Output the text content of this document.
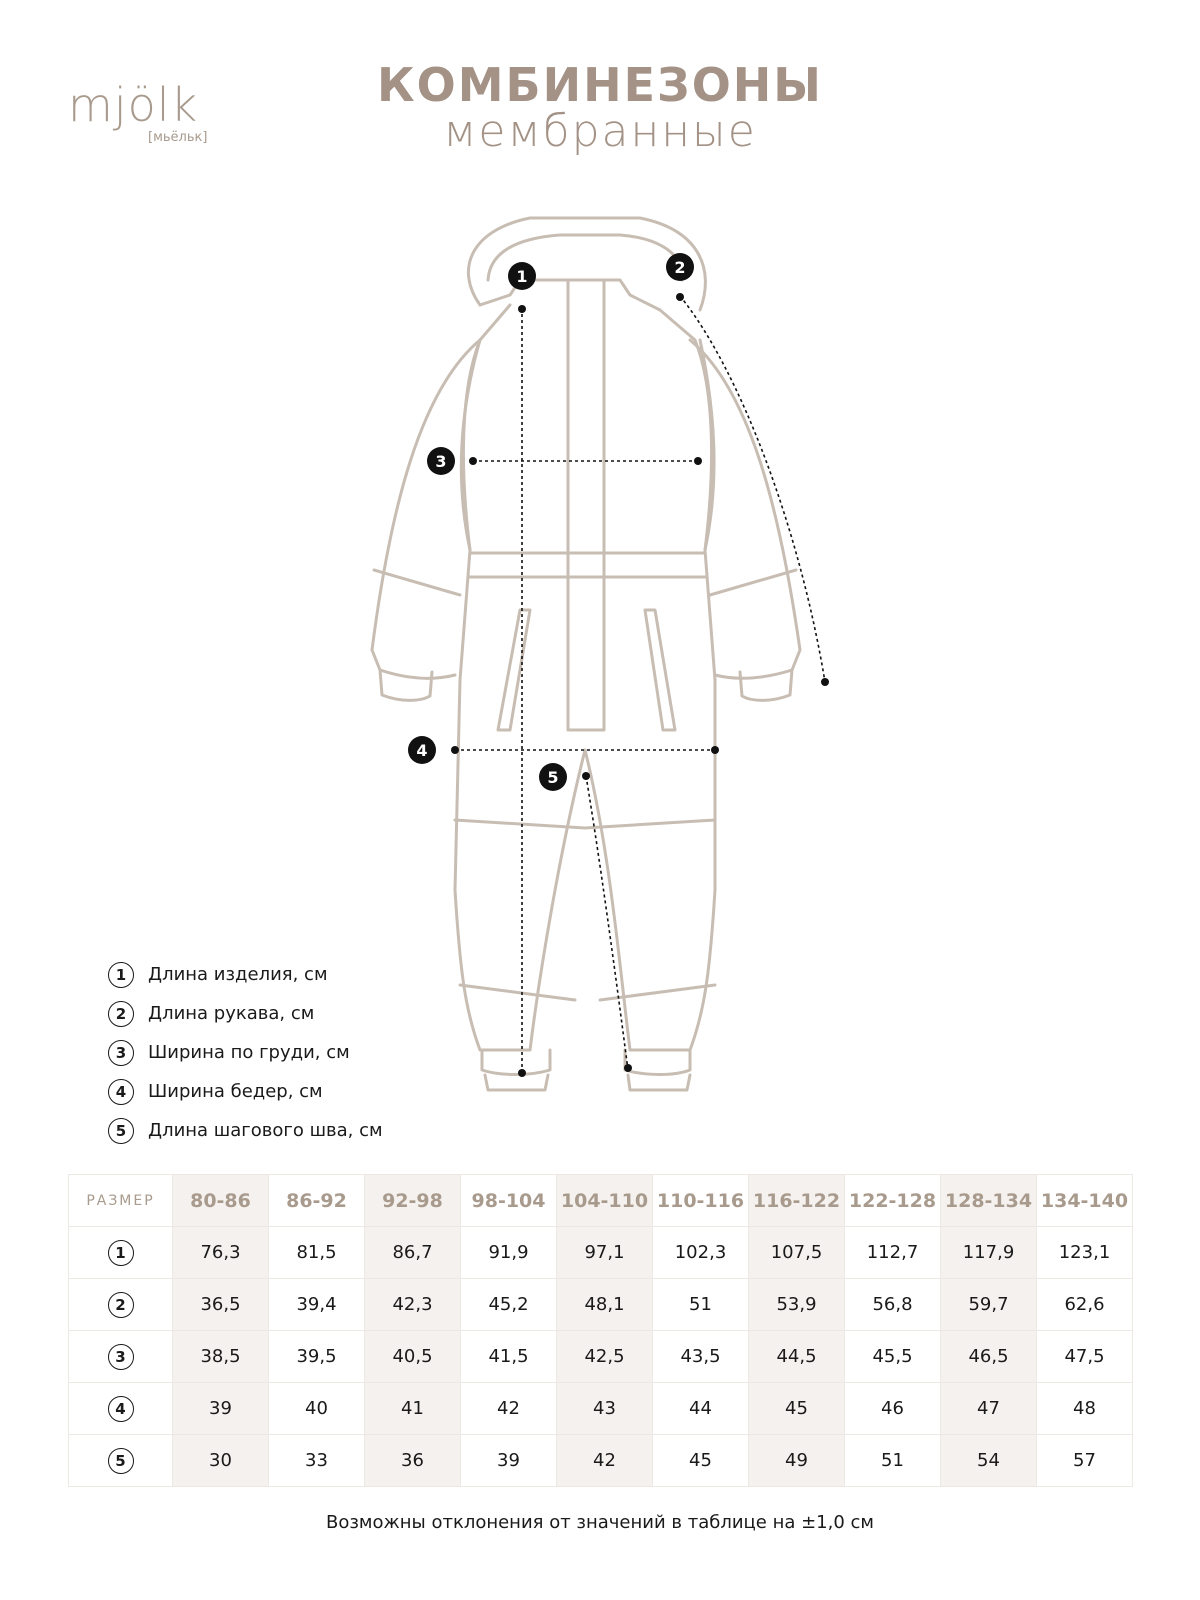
mjölk
[мьёльк]
КОМБИНЕЗОНЫ
мембранные
1	2
3
4
5
1	Длина изделия, см
2	Длина рукава, см
3	Ширина по груди, см
4	Ширина бедер, см
5	Длина шагового шва, см
РАЗМЕР	80-86	86-92	92-98	98-104	104-110	110-116	116-122	122-128	128-134	134-140
1	76,3	81,5	86,7	91,9	97,1	102,3	107,5	112,7	117,9	123,1
2	36,5	39,4	42,3	45,2	48,1	51	53,9	56,8	59,7	62,6
3	38,5	39,5	40,5	41,5	42,5	43,5	44,5	45,5	46,5	47,5
4	39	40	41	42	43	44	45	46	47	48
5	30	33	36	39	42	45	49	51	54	57
Возможны отклонения от значений в таблице на ±1,0 см
